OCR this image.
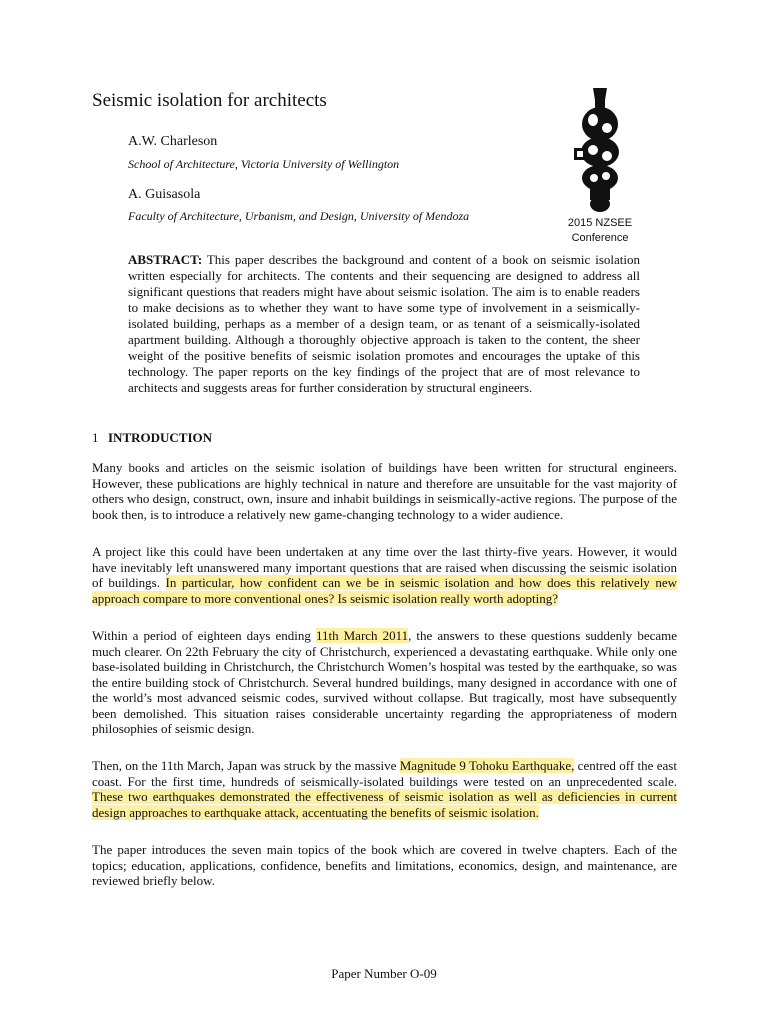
Seismic isolation for architects
A.W. Charleson
School of Architecture, Victoria University of Wellington
A. Guisasola
Faculty of Architecture, Urbanism, and Design, University of Mendoza	2015 NZSEE
Conference

ABSTRACT: This paper describes the background and content of a book on seismic isolation written especially for architects. The contents and their sequencing are designed to address all significant questions that readers might have about seismic isolation. The aim is to enable readers to make decisions as to whether they want to have some type of involvement in a seismically-isolated building, perhaps as a member of a design team, or as tenant of a seismically-isolated apartment building. Although a thoroughly objective approach is taken to the content, the sheer weight of the positive benefits of seismic isolation promotes and encourages the uptake of this technology. The paper reports on the key findings of the project that are of most relevance to architects and suggests areas for further consideration by structural engineers.

1 INTRODUCTION

Many books and articles on the seismic isolation of buildings have been written for structural engineers. However, these publications are highly technical in nature and therefore are unsuitable for the vast majority of others who design, construct, own, insure and inhabit buildings in seismically-active regions. The purpose of the book then, is to introduce a relatively new game-changing technology to a wider audience.

A project like this could have been undertaken at any time over the last thirty-five years. However, it would have inevitably left unanswered many important questions that are raised when discussing the seismic isolation of buildings. In particular, how confident can we be in seismic isolation and how does this relatively new approach compare to more conventional ones? Is seismic isolation really worth adopting?

Within a period of eighteen days ending 11th March 2011, the answers to these questions suddenly became much clearer. On 22th February the city of Christchurch, experienced a devastating earthquake. While only one base-isolated building in Christchurch, the Christchurch Women’s hospital was tested by the earthquake, so was the entire building stock of Christchurch. Several hundred buildings, many designed in accordance with one of the world’s most advanced seismic codes, survived without collapse. But tragically, most have subsequently been demolished. This situation raises considerable uncertainty regarding the appropriateness of modern philosophies of seismic design.

Then, on the 11th March, Japan was struck by the massive Magnitude 9 Tohoku Earthquake, centred off the east coast. For the first time, hundreds of seismically-isolated buildings were tested on an unprecedented scale. These two earthquakes demonstrated the effectiveness of seismic isolation as well as deficiencies in current design approaches to earthquake attack, accentuating the benefits of seismic isolation.

The paper introduces the seven main topics of the book which are covered in twelve chapters. Each of the topics; education, applications, confidence, benefits and limitations, economics, design, and maintenance, are reviewed briefly below.

Paper Number O-09
